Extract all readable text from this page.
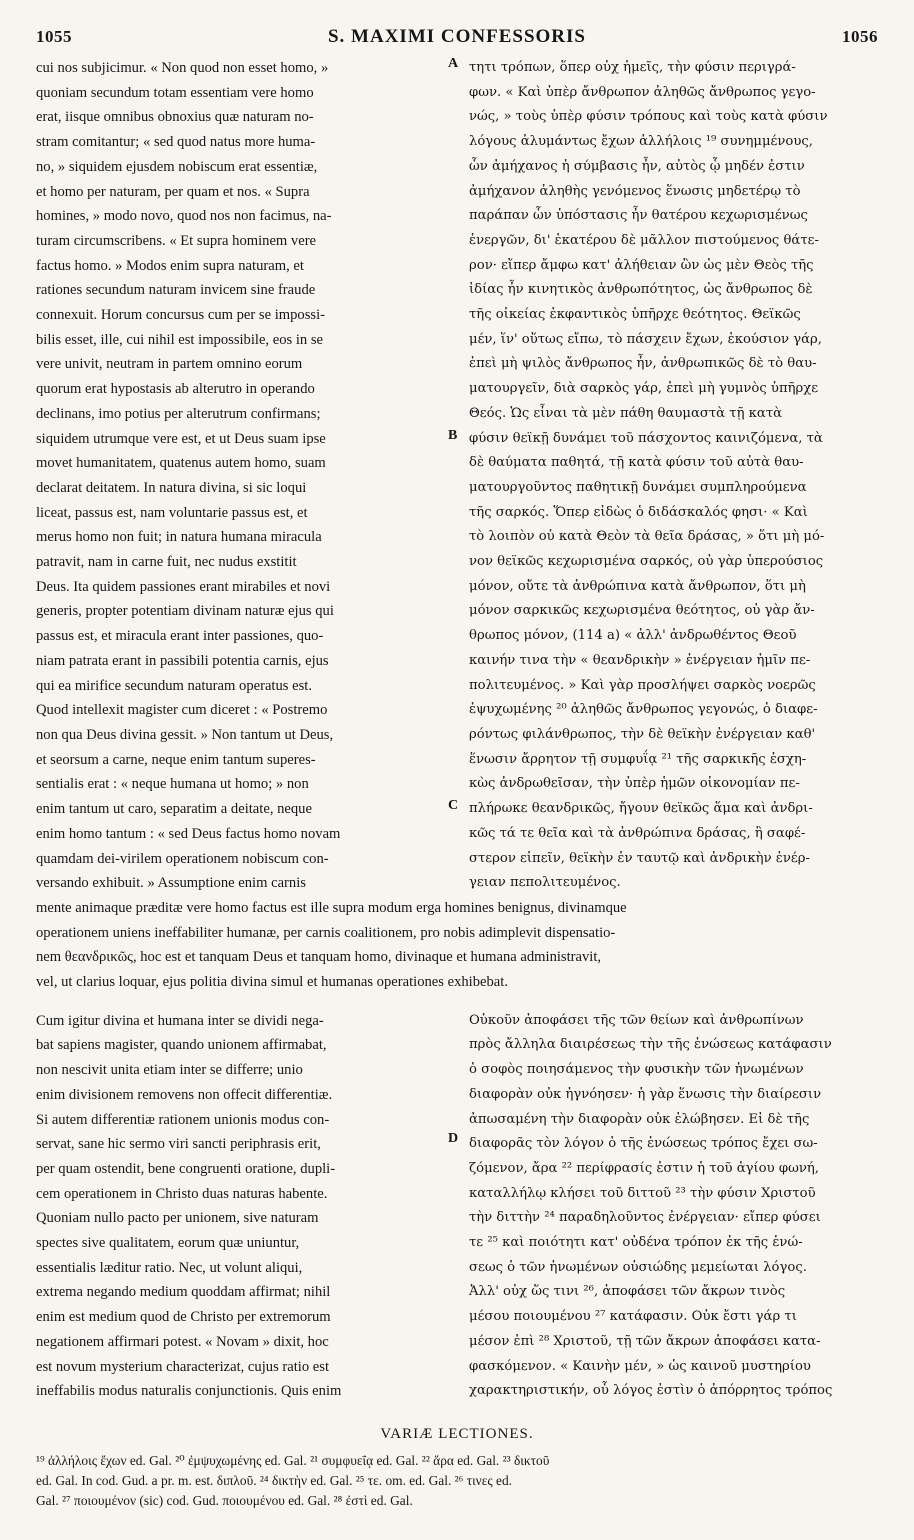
1055	S. MAXIMI CONFESSORIS	1056
cui nos subjicimur. « Non quod non esset homo, »
quoniam secundum totam essentiam vere homo
erat, iisque omnibus obnoxius quæ naturam no-
stram comitantur; « sed quod natus more huma-
no, » siquidem ejusdem nobiscum erat essentiæ,
et homo per naturam, per quam et nos. « Supra
homines, » modo novo, quod nos non facimus, na-
turam circumscribens. « Et supra hominem vere
factus homo. » Modos enim supra naturam, et
rationes secundum naturam invicem sine fraude
connexuit. Horum concursus cum per se impossi-
bilis esset, ille, cui nihil est impossibile, eos in se
vere univit, neutram in partem omnino eorum
quorum erat hypostasis ab alterutro in operando
declinans, imo potius per alterutrum confirmans;
siquidem utrumque vere est, et ut Deus suam ipse
movet humanitatem, quatenus autem homo, suam
declarat deitatem. In natura divina, si sic loqui
liceat, passus est, nam voluntarie passus est, et
merus homo non fuit; in natura humana miracula
patravit, nam in carne fuit, nec nudus exstitit
Deus. Ita quidem passiones erant mirabiles et novi
generis, propter potentiam divinam naturæ ejus qui
passus est, et miracula erant inter passiones, quo-
niam patrata erant in passibili potentia carnis, ejus
qui ea mirifice secundum naturam operatus est.
Quod intellexit magister cum diceret : « Postremo
non qua Deus divina gessit. » Non tantum ut Deus,
et seorsum a carne, neque enim tantum superes-
sentialis erat : « neque humana ut homo; » non
enim tantum ut caro, separatim a deitate, neque
enim homo tantum : « sed Deus factus homo novam
quamdam dei-virilem operationem nobiscum con-
versando exhibuit. » Assumptione enim carnis
A
B
C
τητι τρόπων, ὅπερ οὐχ ἡμεῖς, τὴν φύσιν περιγρά-
φων. « Καὶ ὑπὲρ ἄνθρωπον ἀληθῶς ἄνθρωπος γεγο-
νώς, » τοὺς ὑπὲρ φύσιν τρόπους καὶ τοὺς κατὰ φύσιν
λόγους ἀλυμάντως ἔχων ἀλλήλοις ¹⁹ συνημμένους,
ὧν ἀμήχανος ἡ σύμβασις ἦν, αὐτὸς ᾧ μηδέν ἐστιν
ἀμήχανον ἀληθὴς γενόμενος ἕνωσις μηδετέρῳ τὸ
παράπαν ὧν ὑπόστασις ἦν θατέρου κεχωρισμένως
ἐνεργῶν, δι' ἑκατέρου δὲ μᾶλλον πιστούμενος θάτε-
ρον· εἴπερ ἄμφω κατ' ἀλήθειαν ὢν ὡς μὲν Θεὸς τῆς
ἰδίας ἦν κινητικὸς ἀνθρωπότητος, ὡς ἄνθρωπος δὲ
τῆς οἰκείας ἐκφαντικὸς ὑπῆρχε θεότητος. Θεϊκῶς
μέν, ἵν' οὕτως εἴπω, τὸ πάσχειν ἔχων, ἑκούσιον γάρ,
ἐπεὶ μὴ ψιλὸς ἄνθρωπος ἦν, ἀνθρωπικῶς δὲ τὸ θαυ-
ματουργεῖν, διὰ σαρκὸς γάρ, ἐπεὶ μὴ γυμνὸς ὑπῆρχε
Θεός. Ὡς εἶναι τὰ μὲν πάθη θαυμαστὰ τῇ κατὰ
φύσιν θεϊκῇ δυνάμει τοῦ πάσχοντος καινιζόμενα, τὰ
δὲ θαύματα παθητά, τῇ κατὰ φύσιν τοῦ αὐτὰ θαυ-
ματουργοῦντος παθητικῇ δυνάμει συμπληρούμενα
τῆς σαρκός. Ὅπερ εἰδὼς ὁ διδάσκαλός φησι· « Καὶ
τὸ λοιπὸν οὐ κατὰ Θεὸν τὰ θεῖα δράσας, » ὅτι μὴ μό-
νον θεϊκῶς κεχωρισμένα σαρκός, οὐ γὰρ ὑπερούσιος
μόνον, οὔτε τὰ ἀνθρώπινα κατὰ ἄνθρωπον, ὅτι μὴ
μόνον σαρκικῶς κεχωρισμένα θεότητος, οὐ γὰρ ἄν-
θρωπος μόνον, (114 a) « ἀλλ' ἀνδρωθέντος Θεοῦ
καινήν τινα τὴν « θεανδρικὴν » ἐνέργειαν ἡμῖν πε-
πολιτευμένος. » Καὶ γὰρ προσλήψει σαρκὸς νοερῶς
ἐψυχωμένης ²⁰ ἀληθῶς ἄνθρωπος γεγονώς, ὁ διαφε-
ρόντως φιλάνθρωπος, τὴν δὲ θεϊκὴν ἐνέργειαν καθ'
ἕνωσιν ἄρρητον τῇ συμφυΐᾳ ²¹ τῆς σαρκικῆς ἐσχη-
κὼς ἀνδρωθεῖσαν, τὴν ὑπὲρ ἡμῶν οἰκονομίαν πε-
πλήρωκε θεανδρικῶς, ἤγουν θεϊκῶς ἅμα καὶ ἀνδρι-
κῶς τά τε θεῖα καὶ τὰ ἀνθρώπινα δράσας, ἢ σαφέ-
στερον εἰπεῖν, θεϊκὴν ἐν ταυτῷ καὶ ἀνδρικὴν ἐνέρ-
γειαν πεπολιτευμένος.
mente animaque præditæ vere homo factus est ille supra modum erga homines benignus, divinamque
operationem uniens ineffabiliter humanæ, per carnis coalitionem, pro nobis adimplevit dispensatio-
nem θεανδρικῶς, hoc est et tanquam Deus et tanquam homo, divinaque et humana administravit,
vel, ut clarius loquar, ejus politia divina simul et humanas operationes exhibebat.
Cum igitur divina et humana inter se dividi nega-
bat sapiens magister, quando unionem affirmabat,
non nescivit unita etiam inter se differre; unio
enim divisionem removens non offecit differentiæ.
Si autem differentiæ rationem unionis modus con-
servat, sane hic sermo viri sancti periphrasis erit,
per quam ostendit, bene congruenti oratione, dupli-
cem operationem in Christo duas naturas habente.
Quoniam nullo pacto per unionem, sive naturam
spectes sive qualitatem, eorum quæ uniuntur,
essentialis læditur ratio. Nec, ut volunt aliqui,
extrema negando medium quoddam affirmat; nihil
enim est medium quod de Christo per extremorum
negationem affirmari potest. « Novam » dixit, hoc
est novum mysterium characterizat, cujus ratio est
ineffabilis modus naturalis conjunctionis. Quis enim
D
Οὐκοῦν ἀποφάσει τῆς τῶν θείων καὶ ἀνθρωπίνων
πρὸς ἄλληλα διαιρέσεως τὴν τῆς ἑνώσεως κατάφασιν
ὁ σοφὸς ποιησάμενος τὴν φυσικὴν τῶν ἡνωμένων
διαφορὰν οὐκ ἠγνόησεν· ἡ γὰρ ἕνωσις τὴν διαίρεσιν
ἀπωσαμένη τὴν διαφορὰν οὐκ ἐλώβησεν. Εἰ δὲ τῆς
διαφορᾶς τὸν λόγον ὁ τῆς ἑνώσεως τρόπος ἔχει σω-
ζόμενον, ἄρα ²² περίφρασίς ἐστιν ἡ τοῦ ἁγίου φωνή,
καταλλήλῳ κλήσει τοῦ διττοῦ ²³ τὴν φύσιν Χριστοῦ
τὴν διττὴν ²⁴ παραδηλοῦντος ἐνέργειαν· εἴπερ φύσει
τε ²⁵ καὶ ποιότητι κατ' οὐδένα τρόπον ἐκ τῆς ἑνώ-
σεως ὁ τῶν ἡνωμένων οὐσιώδης μεμείωται λόγος.
Ἀλλ' οὐχ ὥς τινι ²⁶, ἀποφάσει τῶν ἄκρων τινὸς
μέσου ποιουμένου ²⁷ κατάφασιν. Οὐκ ἔστι γάρ τι
μέσον ἐπὶ ²⁸ Χριστοῦ, τῇ τῶν ἄκρων ἀποφάσει κατα-
φασκόμενον. « Καινὴν μέν, » ὡς καινοῦ μυστηρίου
χαρακτηριστικήν, οὗ λόγος ἐστὶν ὁ ἀπόρρητος τρόπος
VARIÆ LECTIONES.
¹⁹ ἀλλήλοις ἔχων ed. Gal. ²⁰ ἐμψυχωμένης ed. Gal. ²¹ συμφυεΐᾳ ed. Gal. ²² ἄρα ed. Gal. ²³ δικτοῦ
ed. Gal. In cod. Gud. a pr. m. est. διπλοῦ. ²⁴ δικτὴν ed. Gal. ²⁵ τε. om. ed. Gal. ²⁶ τινες ed.
Gal. ²⁷ ποιουμένον (sic) cod. Gud. ποιουμένου ed. Gal. ²⁸ ἐστὶ ed. Gal.
